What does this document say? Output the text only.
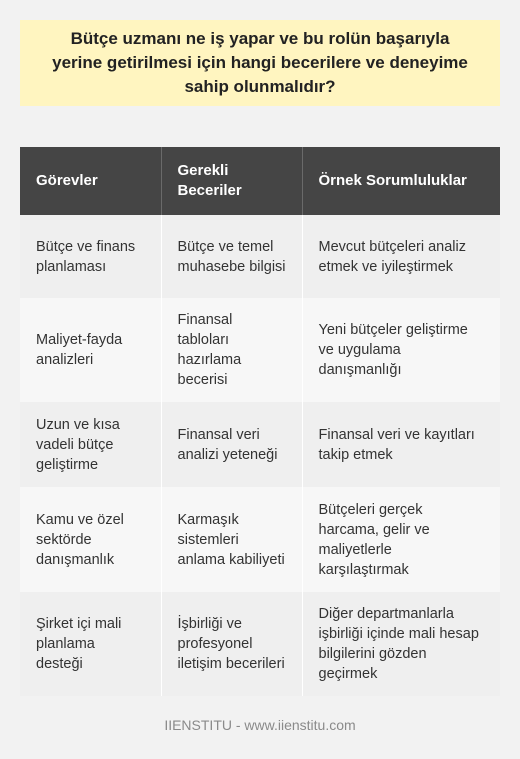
Bütçe uzmanı ne iş yapar ve bu rolün başarıyla yerine getirilmesi için hangi becerilere ve deneyime sahip olunmalıdır?
Görevler	Gerekli Beceriler	Örnek Sorumluluklar
Bütçe ve finans planlaması	Bütçe ve temel muhasebe bilgisi	Mevcut bütçeleri analiz etmek ve iyileştirmek
Maliyet-fayda analizleri	Finansal tabloları hazırlama becerisi	Yeni bütçeler geliştirme ve uygulama danışmanlığı
Uzun ve kısa vadeli bütçe geliştirme	Finansal veri analizi yeteneği	Finansal veri ve kayıtları takip etmek
Kamu ve özel sektörde danışmanlık	Karmaşık sistemleri anlama kabiliyeti	Bütçeleri gerçek harcama, gelir ve maliyetlerle karşılaştırmak
Şirket içi mali planlama desteği	İşbirliği ve profesyonel iletişim becerileri	Diğer departmanlarla işbirliği içinde mali hesap bilgilerini gözden geçirmek
IIENSTITU - www.iienstitu.com
